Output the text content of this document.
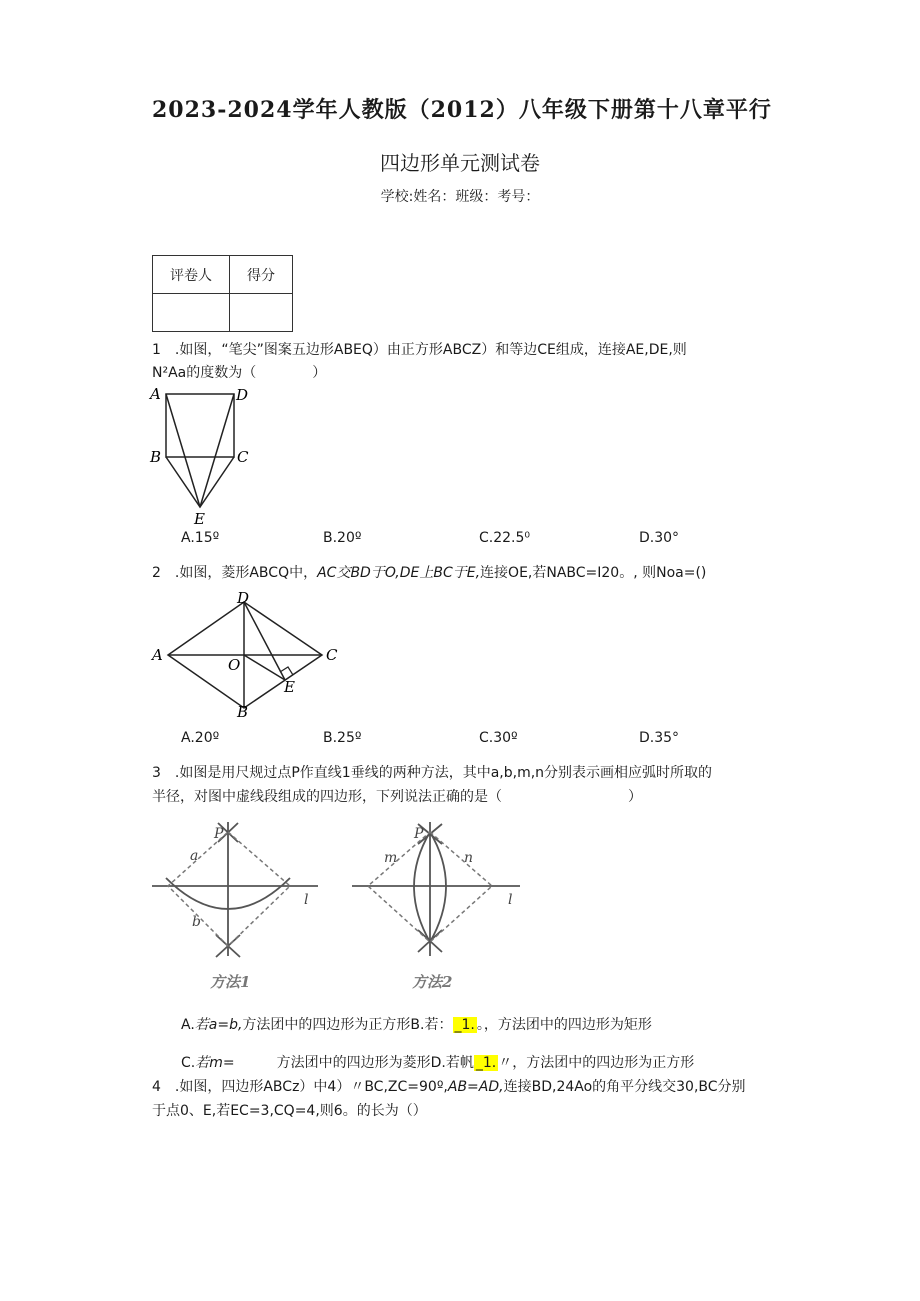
2023-2024学年人教版（2012）八年级下册第十八章平行
四边形单元测试卷
学校:姓名：班级：考号：
评卷人	得分

1　.如图，“笔尖”图案五边形ABEQ）由正方形ABCZ）和等边CE组成，连接AE,DE,则
N²Aa的度数为（　　　　）
A	D
B	C
E
A.15º	B.20º	C.22.5⁰	D.30°
2　.如图，菱形ABCQ中，AC交BD于O,DE上BC于E,连接OE,若NABC=I20。, 则Noa=()
D
A
O
C
E
B
A.20º	B.25º	C.30º	D.35°
3　.如图是用尺规过点P作直线1垂线的两种方法，其中a,b,m,n分别表示画相应弧时所取的
半径，对图中虚线段组成的四边形，下列说法正确的是（　　　　　　　　　）
P
a
b
l
方法1
P
m	n
l
方法2
A.若a=b,方法团中的四边形为正方形B.若： _1. 。，方法团中的四边形为矩形
C.若m=　　　方法团中的四边形为菱形D.若帆 _1. 〃，方法团中的四边形为正方形
4　.如图，四边形ABCz）中4）〃BC,ZC=90º,AB=AD,连接BD,24Ao的角平分线交30,BC分别
于点0、E,若EC=3,CQ=4,则6。的长为（）
